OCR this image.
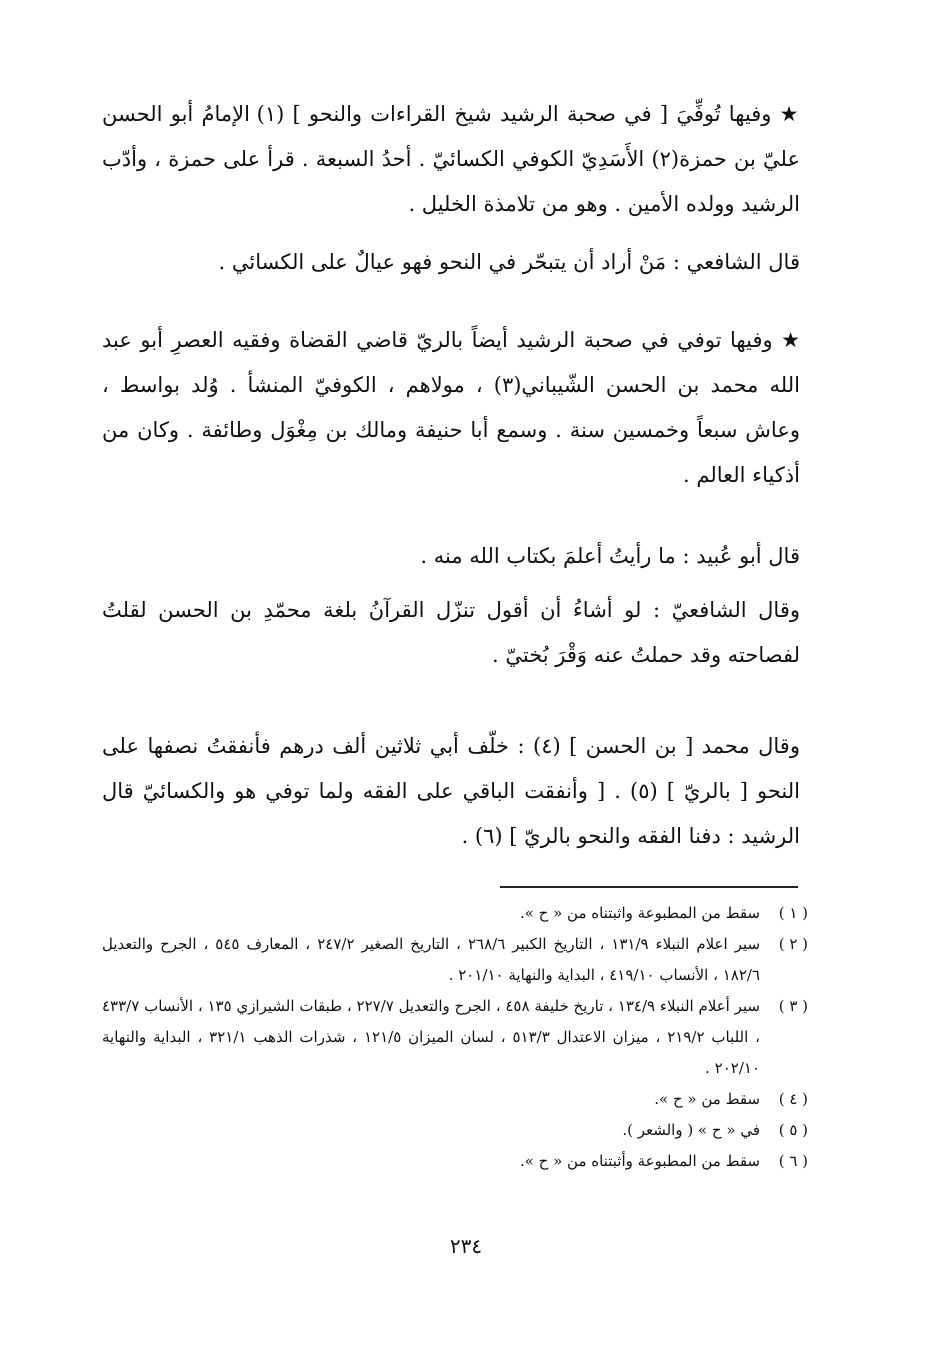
★ وفيها تُوفِّيَ [ في صحبة الرشيد شيخ القراءات والنحو ] (١) الإمامُ أبو الحسن عليّ بن حمزة(٢) الأَسَدِيّ الكوفي الكسائيّ . أحدُ السبعة . قرأ على حمزة ، وأدّب الرشيد وولده الأمين . وهو من تلامذة الخليل .

قال الشافعي : مَنْ أراد أن يتبحّر في النحو فهو عيالٌ على الكسائي .

★ وفيها توفي في صحبة الرشيد أيضاً بالريّ قاضي القضاة وفقيه العصرِ أبو عبد الله محمد بن الحسن الشّيباني(٣) ، مولاهم ، الكوفيّ المنشأ . وُلد بواسط ، وعاش سبعاً وخمسين سنة . وسمع أبا حنيفة ومالك بن مِغْوَل وطائفة . وكان من أذكياء العالم .

قال أبو عُبيد : ما رأيتُ أعلمَ بكتاب الله منه .

وقال الشافعيّ : لو أشاءُ أن أقول تنزّل القرآنُ بلغة محمّدِ بن الحسن لقلتُ لفصاحته وقد حملتُ عنه وَقْرَ بُختيّ .

وقال محمد [ بن الحسن ] (٤) : خلّف أبي ثلاثين ألف درهم فأنفقتُ نصفها على النحو [ بالريّ ] (٥) . [ وأنفقت الباقي على الفقه ولما توفي هو والكسائيّ قال الرشيد : دفنا الفقه والنحو بالريّ ] (٦) .

( ١ )
سقط من المطبوعة واثبتناه من « ح ».
( ٢ )
سير اعلام النبلاء ١٣١/٩ ، التاريخ الكبير ٢٦٨/٦ ، التاريخ الصغير ٢٤٧/٢ ، المعارف ٥٤٥ ، الجرح والتعديل ١٨٢/٦ ، الأنساب ٤١٩/١٠ ، البداية والنهاية ٢٠١/١٠ .
( ٣ )
سير أعلام النبلاء ١٣٤/٩ ، تاريخ خليفة ٤٥٨ ، الجرح والتعديل ٢٢٧/٧ ، طبقات الشيرازي ١٣٥ ، الأنساب ٤٣٣/٧ ، اللباب ٢١٩/٢ ، ميزان الاعتدال ٥١٣/٣ ، لسان الميزان ١٢١/٥ ، شذرات الذهب ٣٢١/١ ، البداية والنهاية ٢٠٢/١٠ .
( ٤ )
سقط من « ح ».
( ٥ )
في « ح » ( والشعر ).
( ٦ )
سقط من المطبوعة وأثبتناه من « ح ».
٢٣٤
